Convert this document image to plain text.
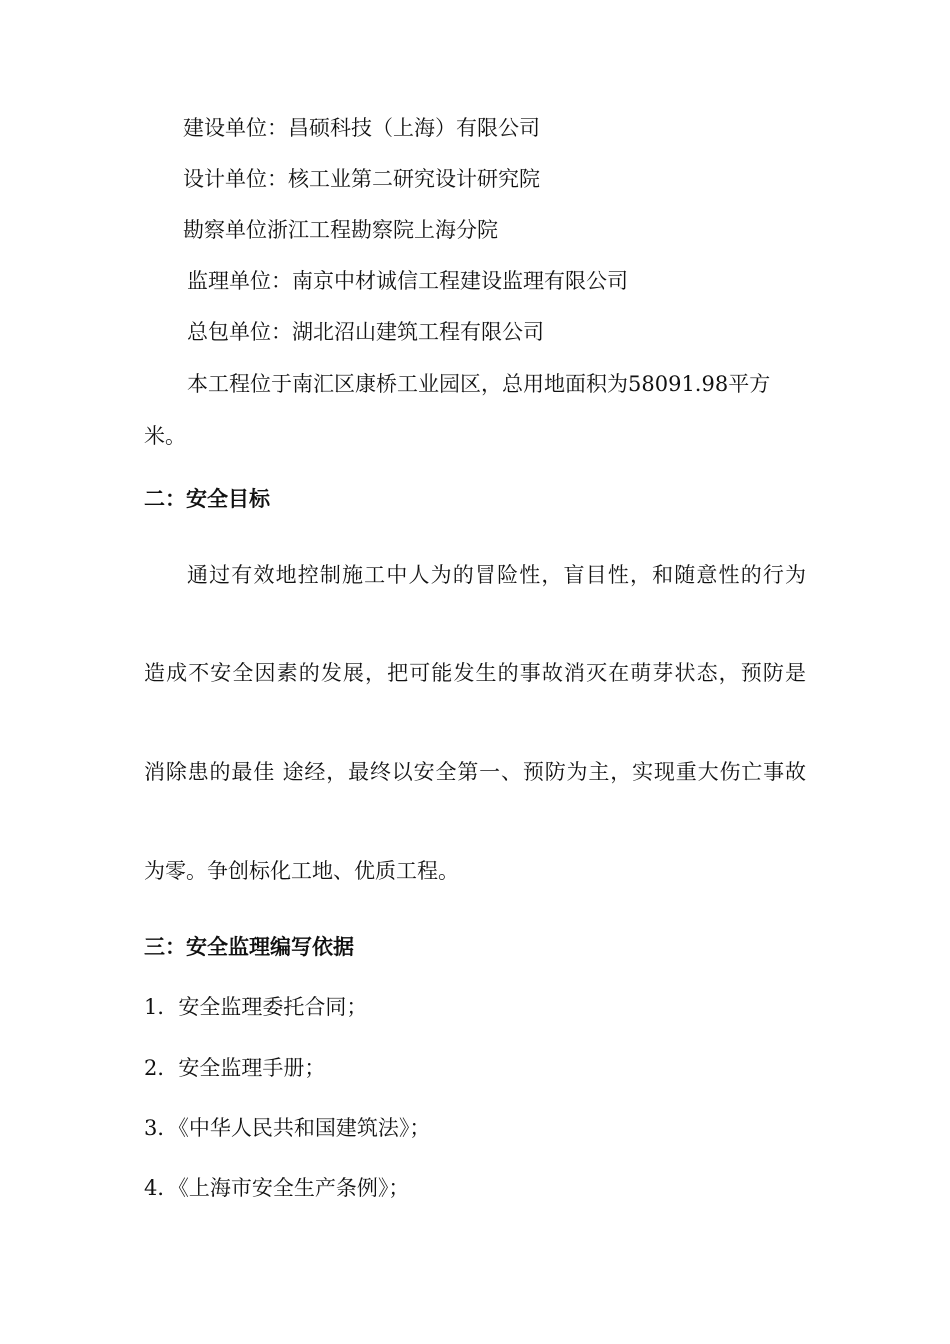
建设单位：昌硕科技（上海）有限公司
设计单位：核工业第二研究设计研究院
勘察单位浙江工程勘察院上海分院
监理单位：南京中材诚信工程建设监理有限公司
总包单位：湖北沼山建筑工程有限公司
本工程位于南汇区康桥工业园区，总用地面积为58091.98平方
米。
二：安全目标
通过有效地控制施工中人为的冒险性，盲目性，和随意性的行为
造成不安全因素的发展，把可能发生的事故消灭在萌芽状态，预防是
消除患的最佳 途经，最终以安全第一、预防为主，实现重大伤亡事故
为零。争创标化工地、优质工程。
三：安全监理编写依据
1．安全监理委托合同；
2．安全监理手册；
3．《中华人民共和国建筑法》；
4．《上海市安全生产条例》；
